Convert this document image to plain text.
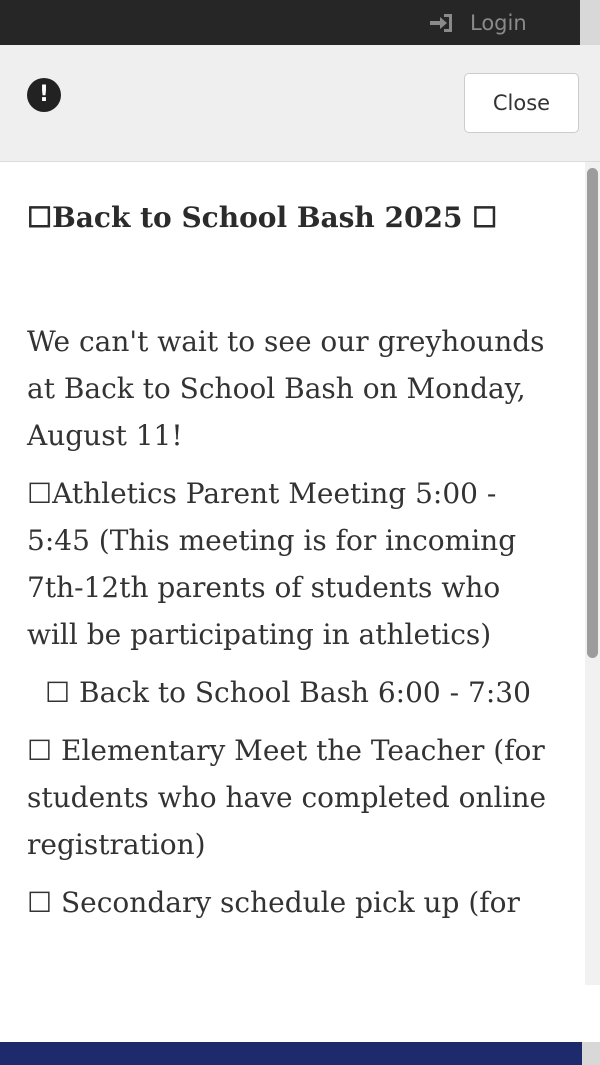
Login
!	Close

☐Back to School Bash 2025 ☐

We can't wait to see our greyhounds at Back to School Bash on Monday, August 11!

☐Athletics Parent Meeting 5:00 - 5:45 (This meeting is for incoming 7th-12th parents of students who will be participating in athletics)

☐ Back to School Bash 6:00 - 7:30

☐ Elementary Meet the Teacher (for students who have completed online registration)

☐ Secondary schedule pick up (for
